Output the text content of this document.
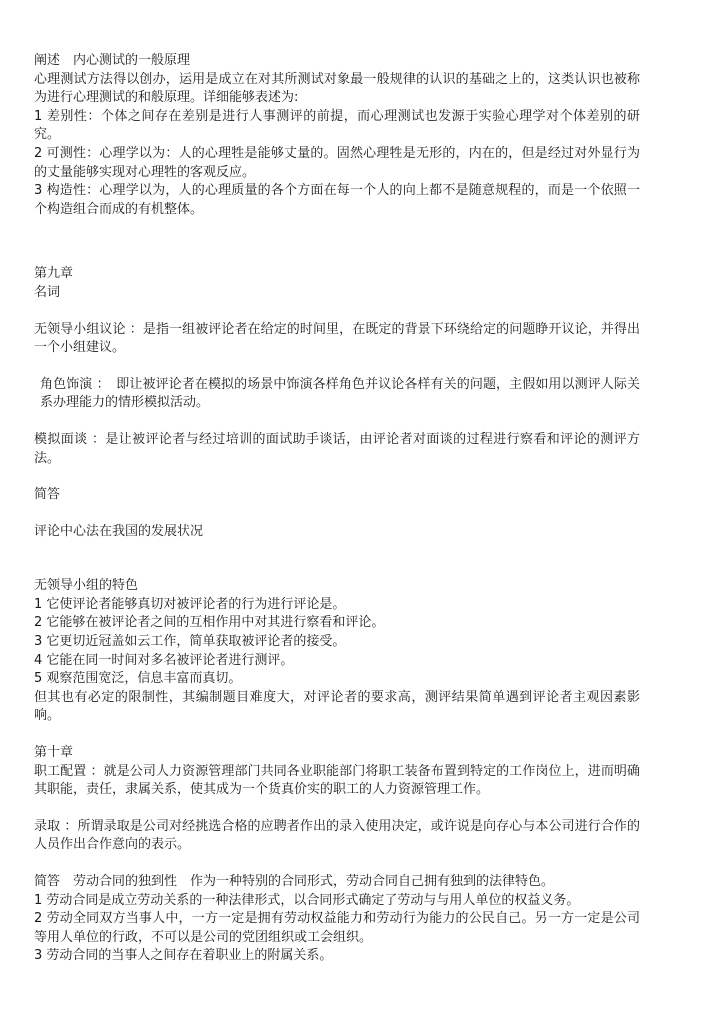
阐述　内心测试的一般原理

心理测试方法得以创办，运用是成立在对其所测试对象最一般规律的认识的基础之上的，这类认识也被称为进行心理测试的和般原理。详细能够表述为:

1 差别性：个体之间存在差别是进行人事测评的前提，而心理测试也发源于实验心理学对个体差别的研究。

2 可测性：心理学以为：人的心理牲是能够丈量的。固然心理牲是无形的，内在的，但是经过对外显行为的丈量能够实现对心理牲的客观反应。

3 构造性：心理学以为，人的心理质量的各个方面在每一个人的向上都不是随意规程的，而是一个依照一个构造组合而成的有机整体。

第九章

名词

无领导小组议论 ：是指一组被评论者在给定的时间里，在既定的背景下环绕给定的问题睁开议论，并得出一个小组建议。

角色饰演 ：　即让被评论者在模拟的场景中饰演各样角色并议论各样有关的问题，主假如用以测评人际关系办理能力的情形模拟活动。

模拟面谈 ：是让被评论者与经过培训的面试助手谈话，由评论者对面谈的过程进行察看和评论的测评方法。

简答

评论中心法在我国的发展状况

无领导小组的特色

1 它使评论者能够真切对被评论者的行为进行评论是。

2 它能够在被评论者之间的互相作用中对其进行察看和评论。

3 它更切近冠盖如云工作，简单获取被评论者的接受。

4 它能在同一时间对多名被评论者进行测评。

5 观察范围宽泛，信息丰富而真切。

但其也有必定的限制性，其编制题目难度大，对评论者的要求高，测评结果简单遇到评论者主观因素影响。

第十章

职工配置 ：就是公司人力资源管理部门共同各业职能部门将职工装备布置到特定的工作岗位上，进而明确其职能，责任，隶属关系，使其成为一个货真价实的职工的人力资源管理工作。

录取 ：所谓录取是公司对经挑选合格的应聘者作出的录入使用决定，或许说是向存心与本公司进行合作的人员作出合作意向的表示。

简答　劳动合同的独到性　作为一种特别的合同形式，劳动合同自己拥有独到的法律特色。

1 劳动合同是成立劳动关系的一种法律形式，以合同形式确定了劳动与与用人单位的权益义务。

2 劳动全同双方当事人中，一方一定是拥有劳动权益能力和劳动行为能力的公民自己。另一方一定是公司等用人单位的行政，不可以是公司的党团组织或工会组织。

3 劳动合同的当事人之间存在着职业上的附属关系。
